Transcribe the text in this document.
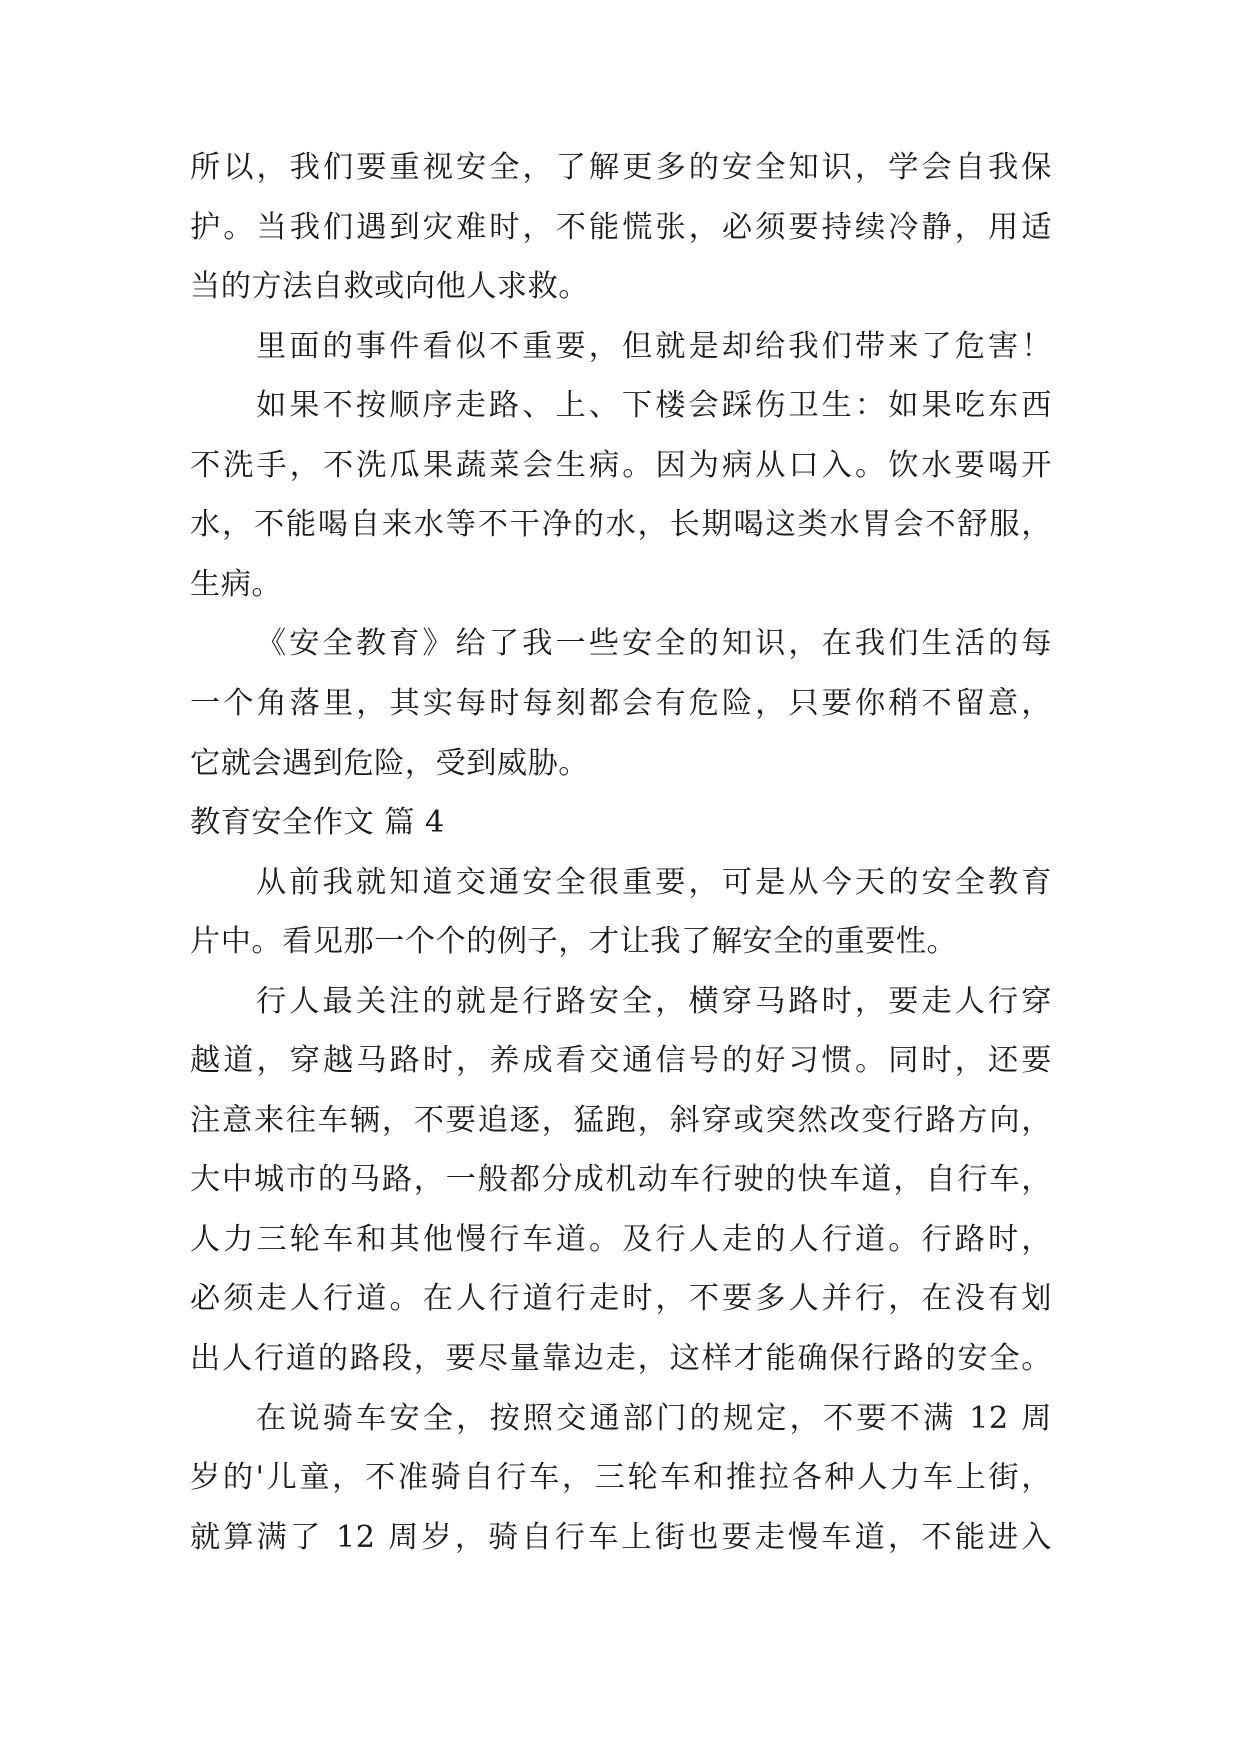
所以，我们要重视安全，了解更多的安全知识，学会自我保
护。当我们遇到灾难时，不能慌张，必须要持续冷静，用适
当的方法自救或向他人求救。
里面的事件看似不重要，但就是却给我们带来了危害！
如果不按顺序走路、上、下楼会踩伤卫生：如果吃东西
不洗手，不洗瓜果蔬菜会生病。因为病从口入。饮水要喝开
水，不能喝自来水等不干净的水，长期喝这类水胃会不舒服，
生病。
《安全教育》给了我一些安全的知识，在我们生活的每
一个角落里，其实每时每刻都会有危险，只要你稍不留意，
它就会遇到危险，受到威胁。
教育安全作文 篇 4
从前我就知道交通安全很重要，可是从今天的安全教育
片中。看见那一个个的例子，才让我了解安全的重要性。
行人最关注的就是行路安全，横穿马路时，要走人行穿
越道，穿越马路时，养成看交通信号的好习惯。同时，还要
注意来往车辆，不要追逐，猛跑，斜穿或突然改变行路方向，
大中城市的马路，一般都分成机动车行驶的快车道，自行车，
人力三轮车和其他慢行车道。及行人走的人行道。行路时，
必须走人行道。在人行道行走时，不要多人并行，在没有划
出人行道的路段，要尽量靠边走，这样才能确保行路的安全。
在说骑车安全，按照交通部门的规定，不要不满 12 周
岁的'儿童，不准骑自行车，三轮车和推拉各种人力车上街，
就算满了 12 周岁，骑自行车上街也要走慢车道，不能进入
